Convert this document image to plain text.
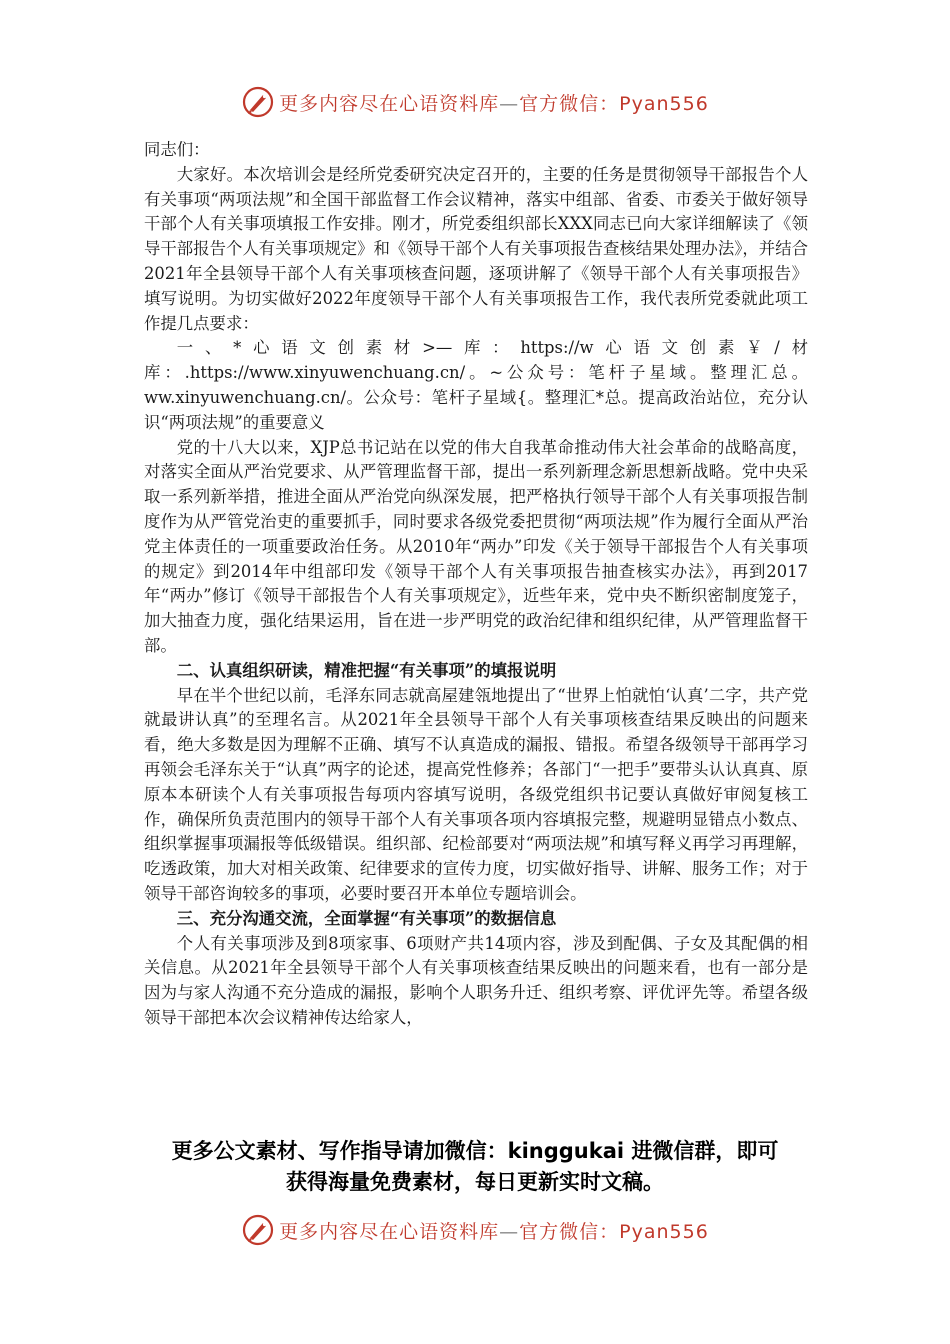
更多内容尽在心语资料库—官方微信：Pyan556

同志们：

大家好。本次培训会是经所党委研究决定召开的，主要的任务是贯彻领导干部报告个人有关事项“两项法规”和全国干部监督工作会议精神，落实中组部、省委、市委关于做好领导干部个人有关事项填报工作安排。刚才，所党委组织部长XXX同志已向大家详细解读了《领导干部报告个人有关事项规定》和《领导干部个人有关事项报告查核结果处理办法》，并结合2021年全县领导干部个人有关事项核查问题，逐项讲解了《领导干部个人有关事项报告》填写说明。为切实做好2022年度领导干部个人有关事项报告工作，我代表所党委就此项工作提几点要求：

一、*心语文创素材>—库：https://w心语文创素￥/材库：.https://www.xinyuwenchuang.cn/。~公众号：笔杆子星域。整理汇总。ww.xinyuwenchuang.cn/。公众号：笔杆子星域{。整理汇*总。提高政治站位，充分认识“两项法规”的重要意义

党的十八大以来，XJP总书记站在以党的伟大自我革命推动伟大社会革命的战略高度，对落实全面从严治党要求、从严管理监督干部，提出一系列新理念新思想新战略。党中央采取一系列新举措，推进全面从严治党向纵深发展，把严格执行领导干部个人有关事项报告制度作为从严管党治吏的重要抓手，同时要求各级党委把贯彻“两项法规”作为履行全面从严治党主体责任的一项重要政治任务。从2010年“两办”印发《关于领导干部报告个人有关事项的规定》到2014年中组部印发《领导干部个人有关事项报告抽查核实办法》，再到2017年“两办”修订《领导干部报告个人有关事项规定》，近些年来，党中央不断织密制度笼子，加大抽查力度，强化结果运用，旨在进一步严明党的政治纪律和组织纪律，从严管理监督干部。

二、认真组织研读，精准把握“有关事项”的填报说明

早在半个世纪以前，毛泽东同志就高屋建瓴地提出了“世界上怕就怕‘认真’二字，共产党就最讲认真”的至理名言。从2021年全县领导干部个人有关事项核查结果反映出的问题来看，绝大多数是因为理解不正确、填写不认真造成的漏报、错报。希望各级领导干部再学习再领会毛泽东关于“认真”两字的论述，提高党性修养；各部门“一把手”要带头认认真真、原原本本研读个人有关事项报告每项内容填写说明，各级党组织书记要认真做好审阅复核工作，确保所负责范围内的领导干部个人有关事项各项内容填报完整，规避明显错点小数点、组织掌握事项漏报等低级错误。组织部、纪检部要对“两项法规”和填写释义再学习再理解，吃透政策，加大对相关政策、纪律要求的宣传力度，切实做好指导、讲解、服务工作；对于领导干部咨询较多的事项，必要时要召开本单位专题培训会。

三、充分沟通交流，全面掌握“有关事项”的数据信息

个人有关事项涉及到8项家事、6项财产共14项内容，涉及到配偶、子女及其配偶的相关信息。从2021年全县领导干部个人有关事项核查结果反映出的问题来看，也有一部分是因为与家人沟通不充分造成的漏报，影响个人职务升迁、组织考察、评优评先等。希望各级领导干部把本次会议精神传达给家人，

更多公文素材、写作指导请加微信：kinggukai 进微信群，即可
获得海量免费素材，每日更新实时文稿。
更多内容尽在心语资料库—官方微信：Pyan556
